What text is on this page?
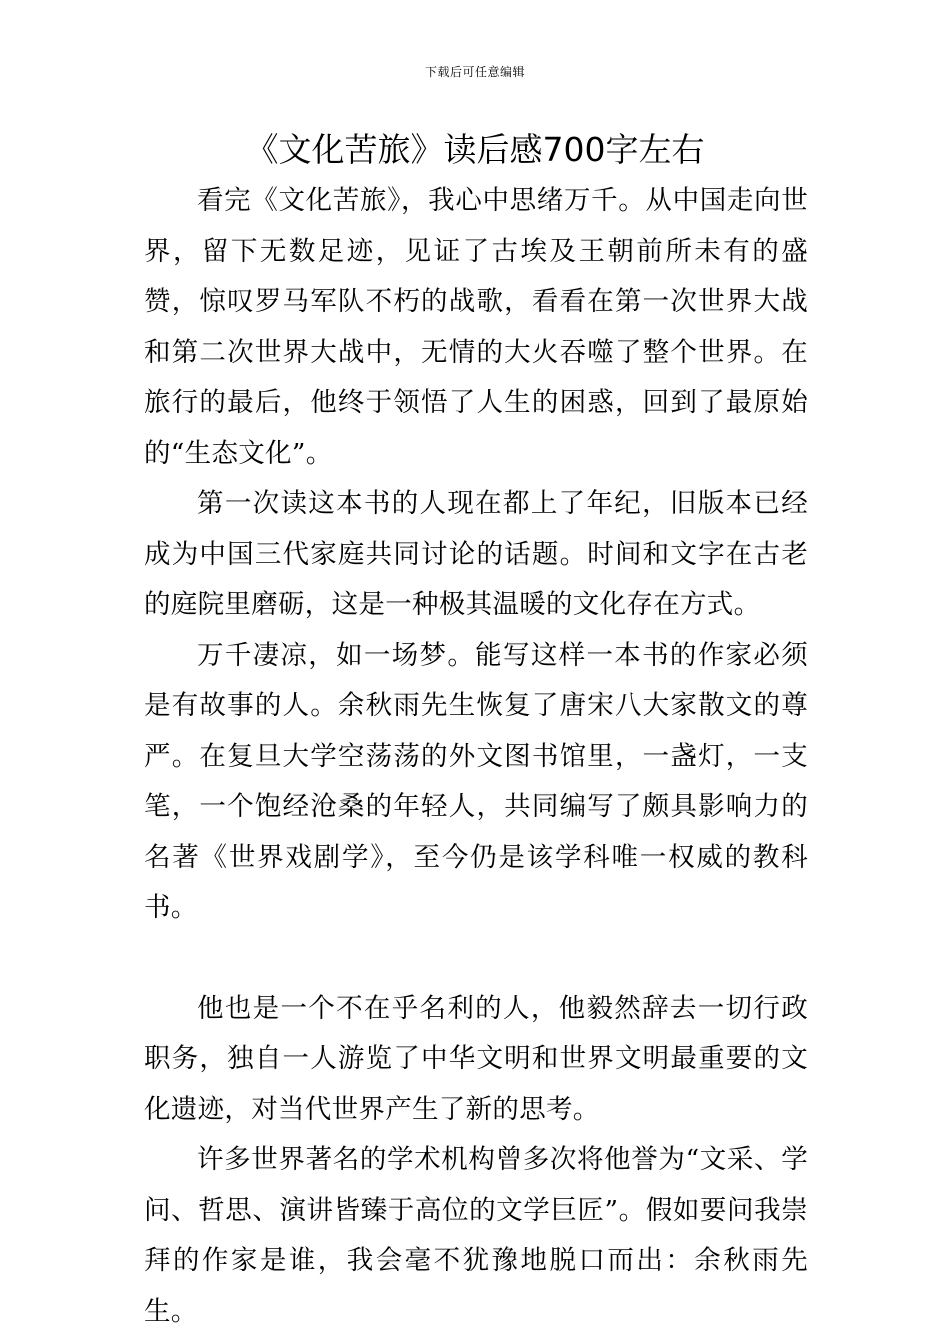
下载后可任意编辑
《文化苦旅》读后感700字左右

看完《文化苦旅》，我心中思绪万千。从中国走向世界，留下无数足迹，见证了古埃及王朝前所未有的盛赞，惊叹罗马军队不朽的战歌，看看在第一次世界大战和第二次世界大战中，无情的大火吞噬了整个世界。在旅行的最后，他终于领悟了人生的困惑，回到了最原始的“生态文化”。

第一次读这本书的人现在都上了年纪，旧版本已经成为中国三代家庭共同讨论的话题。时间和文字在古老的庭院里磨砺，这是一种极其温暖的文化存在方式。

万千凄凉，如一场梦。能写这样一本书的作家必须是有故事的人。余秋雨先生恢复了唐宋八大家散文的尊严。在复旦大学空荡荡的外文图书馆里，一盏灯，一支笔，一个饱经沧桑的年轻人，共同编写了颇具影响力的名著《世界戏剧学》，至今仍是该学科唯一权威的教科书。

他也是一个不在乎名利的人，他毅然辞去一切行政职务，独自一人游览了中华文明和世界文明最重要的文化遗迹，对当代世界产生了新的思考。

许多世界著名的学术机构曾多次将他誉为“文采、学问、哲思、演讲皆臻于高位的文学巨匠”。假如要问我崇拜的作家是谁，我会毫不犹豫地脱口而出：余秋雨先生。
